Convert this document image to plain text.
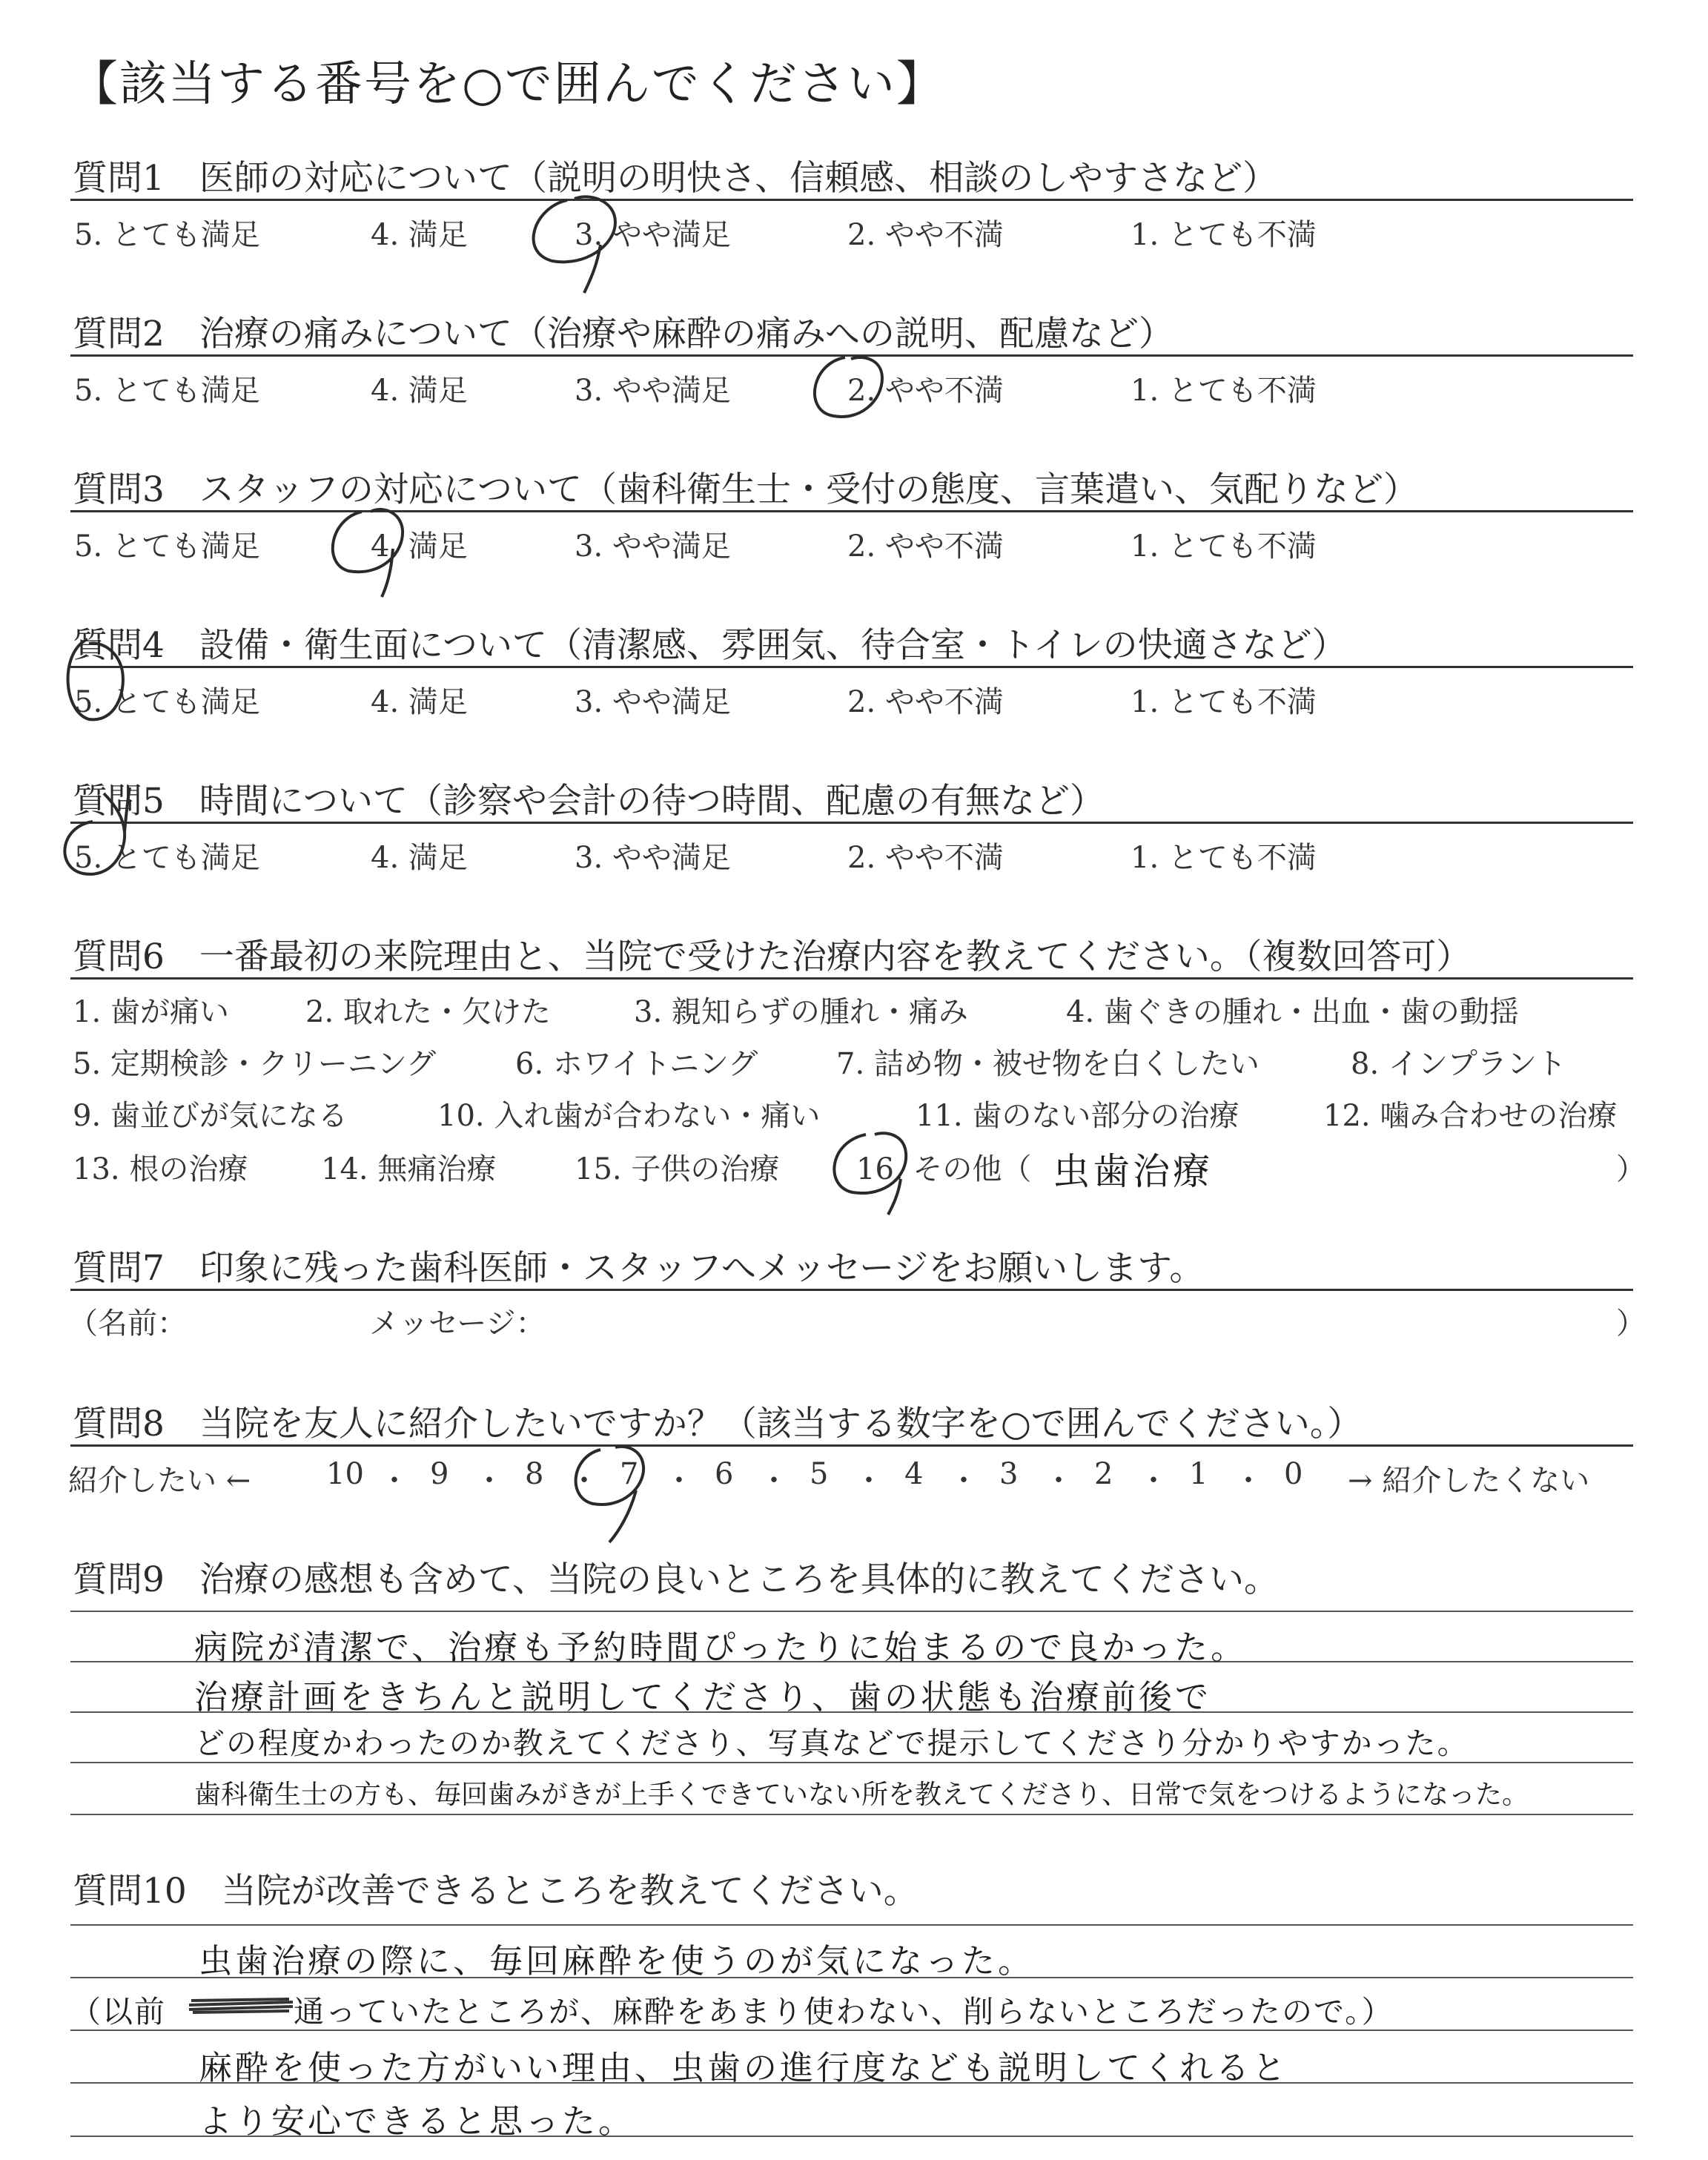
【該当する番号を○で囲んでください】
質問1　医師の対応について（説明の明快さ、信頼感、相談のしやすさなど）
5. とても満足	4. 満足	3. やや満足	2. やや不満	1. とても不満
質問2　治療の痛みについて（治療や麻酔の痛みへの説明、配慮など）
5. とても満足	4. 満足	3. やや満足	2. やや不満	1. とても不満
質問3　スタッフの対応について（歯科衛生士・受付の態度、言葉遣い、気配りなど）
5. とても満足	4. 満足	3. やや満足	2. やや不満	1. とても不満
質問4　設備・衛生面について（清潔感、雰囲気、待合室・トイレの快適さなど）
5. とても満足	4. 満足	3. やや満足	2. やや不満	1. とても不満
質問5　時間について（診察や会計の待つ時間、配慮の有無など）
5. とても満足	4. 満足	3. やや満足	2. やや不満	1. とても不満
質問6　一番最初の来院理由と、当院で受けた治療内容を教えてください。（複数回答可）
1. 歯が痛い	2. 取れた・欠けた	3. 親知らずの腫れ・痛み	4. 歯ぐきの腫れ・出血・歯の動揺
5. 定期検診・クリーニング	6. ホワイトニング	7. 詰め物・被せ物を白くしたい	8. インプラント
9. 歯並びが気になる	10. 入れ歯が合わない・痛い	11. 歯のない部分の治療	12. 噛み合わせの治療
13. 根の治療 14. 無痛治療	15. 子供の治療	16. その他（ 虫歯治療	）
質問7　印象に残った歯科医師・スタッフへメッセージをお願いします。
（名前：	メッセージ：	）
質問8　当院を友人に紹介したいですか？（該当する数字を○で囲んでください。）
紹介したい ←	10 ・ 9 ・ 8 ・ 7 ・ 6 ・ 5 ・ 4 ・ 3 ・ 2 ・ 1 ・ 0 → 紹介したくない
質問9　治療の感想も含めて、当院の良いところを具体的に教えてください。
病院が清潔で、治療も予約時間ぴったりに始まるので良かった。
治療計画をきちんと説明してくださり、歯の状態も治療前後で
どの程度かわったのか教えてくださり、写真などで提示してくださり分かりやすかった。
歯科衛生士の方も、毎回歯みがきが上手くできていない所を教えてくださり、日常で気をつけるようになった。
質問10　当院が改善できるところを教えてください。
虫歯治療の際に、毎回麻酔を使うのが気になった。
（以前　　　　通っていたところが、麻酔をあまり使わない、削らないところだったので。）
麻酔を使った方がいい理由、虫歯の進行度なども説明してくれると
より安心できると思った。
